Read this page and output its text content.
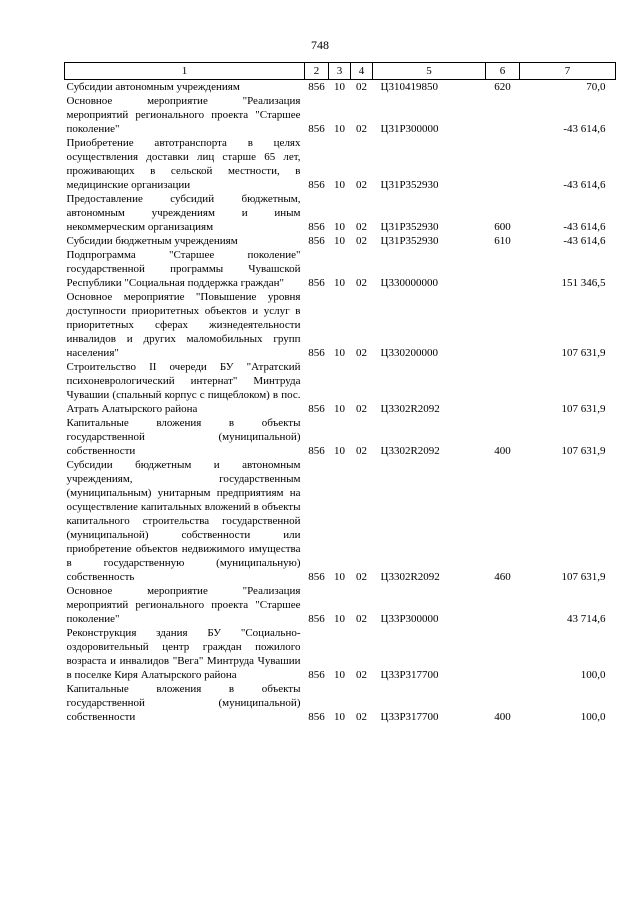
748
1	2	3	4	5	6	7
Субсидии автономным учреждениям	856	10	02	Ц310419850	620	70,0
Основное мероприятие "Реализация мероприятий регионального проекта "Старшее поколение"	856	10	02	Ц31P300000		-43 614,6
Приобретение автотранспорта в целях осуществления доставки лиц старше 65 лет, проживающих в сельской местности, в медицинские организации	856	10	02	Ц31P352930		-43 614,6
Предоставление субсидий бюджетным, автономным учреждениям и иным некоммерческим организациям	856	10	02	Ц31P352930	600	-43 614,6
Субсидии бюджетным учреждениям	856	10	02	Ц31P352930	610	-43 614,6
Подпрограмма "Старшее поколение" государственной программы Чувашской Республики "Социальная поддержка граждан"	856	10	02	Ц330000000		151 346,5
Основное мероприятие "Повышение уровня доступности приоритетных объектов и услуг в приоритетных сферах жизнедеятельности инвалидов и других маломобильных групп населения"	856	10	02	Ц330200000		107 631,9
Строительство II очереди БУ "Атратский психоневрологический интернат" Минтруда Чувашии (спальный корпус с пищеблоком) в пос. Атрать Алатырского района	856	10	02	Ц3302R2092		107 631,9
Капитальные вложения в объекты государственной (муниципальной) собственности	856	10	02	Ц3302R2092	400	107 631,9
Субсидии бюджетным и автономным учреждениям, государственным (муниципальным) унитарным предприятиям на осуществление капитальных вложений в объекты капитального строительства государственной (муниципальной) собственности или приобретение объектов недвижимого имущества в государственную (муниципальную) собственность	856	10	02	Ц3302R2092	460	107 631,9
Основное мероприятие "Реализация мероприятий регионального проекта "Старшее поколение"	856	10	02	Ц33P300000		43 714,6
Реконструкция здания БУ "Социально-оздоровительный центр граждан пожилого возраста и инвалидов "Вега" Минтруда Чувашии в поселке Киря Алатырского района	856	10	02	Ц33P317700		100,0
Капитальные вложения в объекты государственной (муниципальной) собственности	856	10	02	Ц33P317700	400	100,0
